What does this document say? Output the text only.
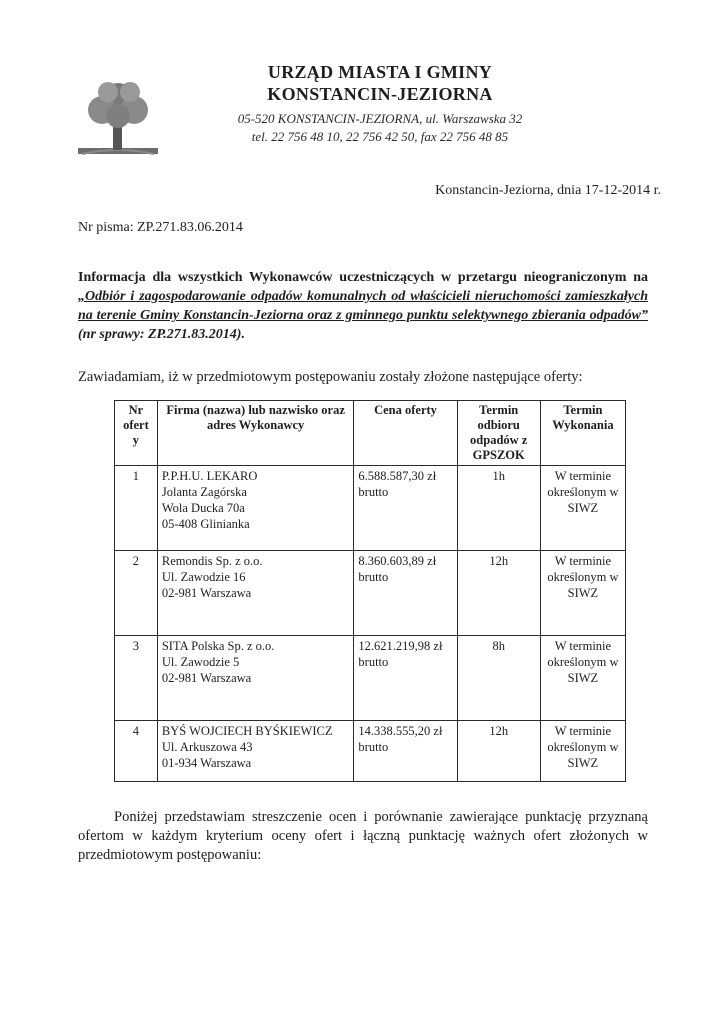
URZĄD MIASTA I GMINY
KONSTANCIN-JEZIORNA
05-520 KONSTANCIN-JEZIORNA, ul. Warszawska 32
tel. 22 756 48 10, 22 756 42 50, fax 22 756 48 85
Konstancin-Jeziorna, dnia 17-12-2014 r.
Nr pisma: ZP.271.83.06.2014
Informacja dla wszystkich Wykonawców uczestniczących w przetargu nieograniczonym na „Odbiór i zagospodarowanie odpadów komunalnych od właścicieli nieruchomości zamieszkałych na terenie Gminy Konstancin-Jeziorna oraz z gminnego punktu selektywnego zbierania odpadów” (nr sprawy: ZP.271.83.2014).
Zawiadamiam, iż w przedmiotowym postępowaniu zostały złożone następujące oferty:
Nr ofert y	Firma (nazwa) lub nazwisko oraz adres Wykonawcy	Cena oferty	Termin odbioru odpadów z GPSZOK	Termin Wykonania
1	P.P.H.U. LEKARO
Jolanta Zagórska
Wola Ducka 70a
05-408 Glinianka	6.588.587,30 zł brutto	1h	W terminie określonym w SIWZ
2	Remondis Sp. z o.o.
Ul. Zawodzie 16
02-981 Warszawa	8.360.603,89 zł brutto	12h	W terminie określonym w SIWZ
3	SITA Polska Sp. z o.o.
Ul. Zawodzie 5
02-981 Warszawa	12.621.219,98 zł brutto	8h	W terminie określonym w SIWZ
4	BYŚ WOJCIECH BYŚKIEWICZ
Ul. Arkuszowa 43
01-934 Warszawa	14.338.555,20 zł brutto	12h	W terminie określonym w SIWZ
Poniżej przedstawiam streszczenie ocen i porównanie zawierające punktację przyznaną ofertom w każdym kryterium oceny ofert i łączną punktację ważnych ofert złożonych w przedmiotowym postępowaniu:
